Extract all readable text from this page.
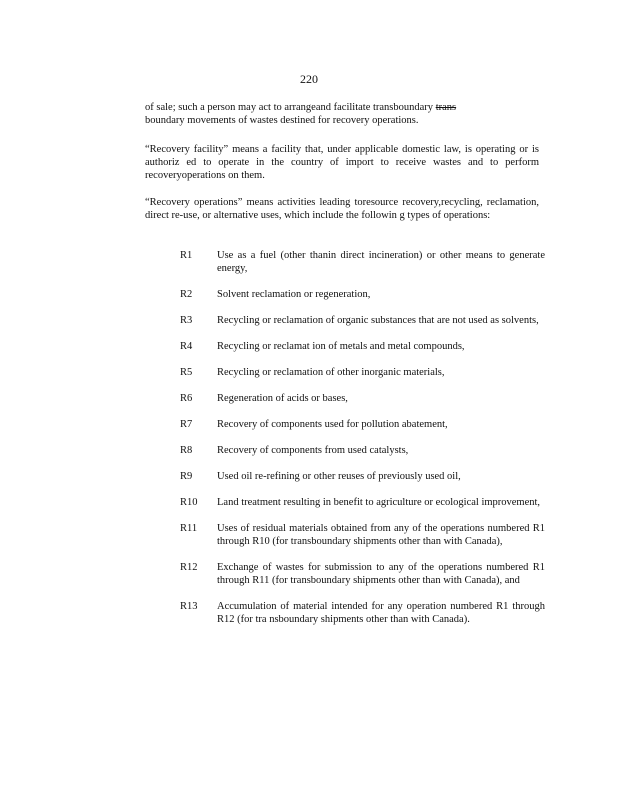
220
of sale; such a person may act to arrangeand facilitate transboundary trans
boundary movements of wastes destined for recovery operations.
“Recovery facility” means a facility that, under applicable domestic law, is operating or is authoriz ed to operate in the country of import to receive wastes and to perform recoveryoperations on them.
“Recovery operations” means activities leading toresource recovery,recycling, reclamation, direct re-use, or alternative uses, which include the followin g types of operations:
R1	Use as a fuel (other thanin direct incineration) or other means to generate energy,
R2	Solvent reclamation or regeneration,
R3	Recycling or reclamation of organic substances that are not used as solvents,
R4	Recycling or reclamat ion of metals and metal compounds,
R5	Recycling or reclamation of other inorganic materials,
R6	Regeneration of acids or bases,
R7	Recovery of components used for pollution abatement,
R8	Recovery of components from used catalysts,
R9	Used oil re-refining or other reuses of previously used oil,
R10	Land treatment resulting in benefit to agriculture or ecological improvement,
R11	Uses of residual materials obtained from any of the operations numbered R1 through R10 (for transboundary shipments other than with Canada),
R12	Exchange of wastes for submission to any of the operations numbered R1 through R11 (for transboundary shipments other than with Canada), and
R13	Accumulation of material intended for any operation numbered R1 through R12 (for tra nsboundary shipments other than with Canada).
